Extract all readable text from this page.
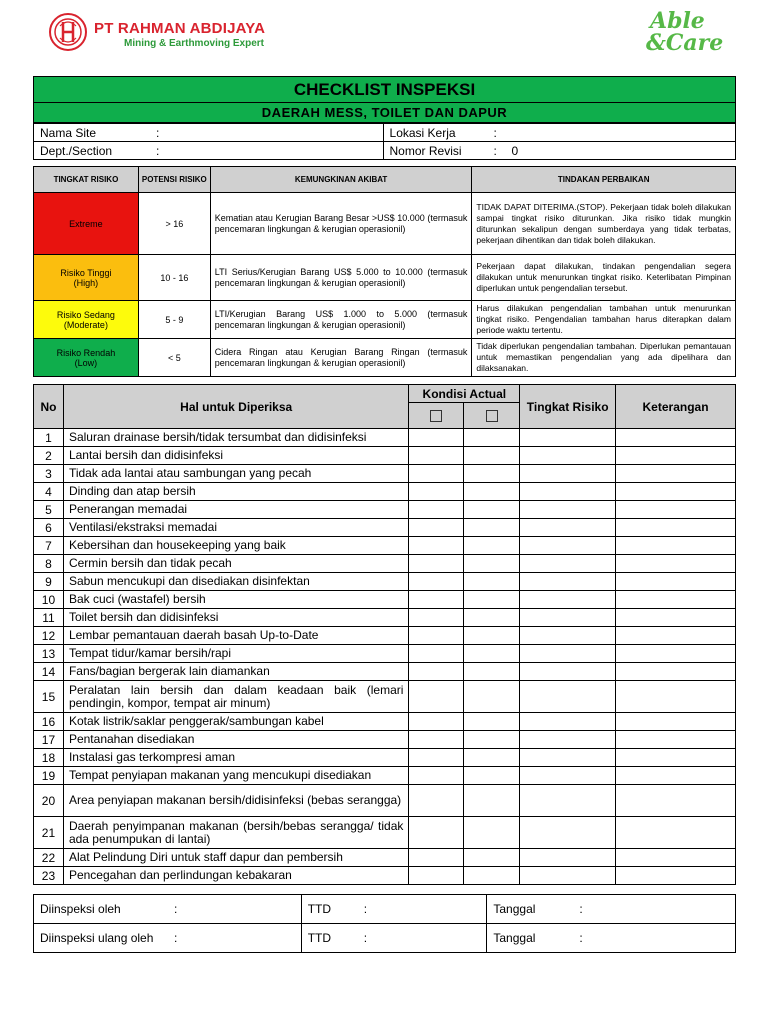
PT RAHMAN ABDIJAYA
Mining & Earthmoving Expert
Able
&Care
CHECKLIST INSPEKSI
DAERAH MESS, TOILET DAN DAPUR
Nama Site :	Lokasi Kerja :
Dept./Section :	Nomor Revisi : 0
TINGKAT RISIKO	POTENSI RISIKO	KEMUNGKINAN AKIBAT	TINDAKAN PERBAIKAN
Extreme	> 16	Kematian atau Kerugian Barang Besar >US$ 10.000 (termasuk pencemaran lingkungan & kerugian operasionil)	TIDAK DAPAT DITERIMA.(STOP). Pekerjaan tidak boleh dilakukan sampai tingkat risiko diturunkan. Jika risiko tidak mungkin diturunkan sekalipun dengan sumberdaya yang tidak terbatas, pekerjaan dihentikan dan tidak boleh dilakukan.
Risiko Tinggi
(High)	10 - 16	LTI Serius/Kerugian Barang US$ 5.000 to 10.000 (termasuk pencemaran lingkungan & kerugian operasionil)	Pekerjaan dapat dilakukan, tindakan pengendalian segera dilakukan untuk menurunkan tingkat risiko. Keterlibatan Pimpinan diperlukan untuk pengendalian tersebut.
Risiko Sedang
(Moderate)	5 - 9	LTI/Kerugian Barang US$ 1.000 to 5.000 (termasuk pencemaran lingkungan & kerugian operasionil)	Harus dilakukan pengendalian tambahan untuk menurunkan tingkat risiko. Pengendalian tambahan harus diterapkan dalam periode waktu tertentu.
Risiko Rendah
(Low)	< 5	Cidera Ringan atau Kerugian Barang Ringan (termasuk pencemaran lingkungan & kerugian operasionil)	Tidak diperlukan pengendalian tambahan. Diperlukan pemantauan untuk memastikan pengendalian yang ada dipelihara dan dilaksanakan.
No	Hal untuk Diperiksa	Kondisi Actual		Tingkat Risiko	Keterangan

1	Saluran drainase bersih/tidak tersumbat dan didisinfeksi				
2	Lantai bersih dan didisinfeksi				
3	Tidak ada lantai atau sambungan yang pecah				
4	Dinding dan atap bersih				
5	Penerangan memadai				
6	Ventilasi/ekstraksi memadai				
7	Kebersihan dan housekeeping yang baik				
8	Cermin bersih dan tidak pecah				
9	Sabun mencukupi dan disediakan disinfektan				
10	Bak cuci (wastafel) bersih				
11	Toilet bersih dan didisinfeksi				
12	Lembar pemantauan daerah basah Up-to-Date				
13	Tempat tidur/kamar bersih/rapi				
14	Fans/bagian bergerak lain diamankan				
15	Peralatan lain bersih dan dalam keadaan baik (lemari pendingin, kompor, tempat air minum)				
16	Kotak listrik/saklar penggerak/sambungan kabel				
17	Pentanahan disediakan				
18	Instalasi gas terkompresi aman				
19	Tempat penyiapan makanan yang mencukupi disediakan				
20	Area penyiapan makanan bersih/didisinfeksi (bebas serangga)				
21	Daerah penyimpanan makanan (bersih/bebas serangga/ tidak ada penumpukan di lantai)				
22	Alat Pelindung Diri untuk staff dapur dan pembersih				
23	Pencegahan dan perlindungan kebakaran				
Diinspeksi oleh :	TTD :	Tanggal :
Diinspeksi ulang oleh :	TTD :	Tanggal :
